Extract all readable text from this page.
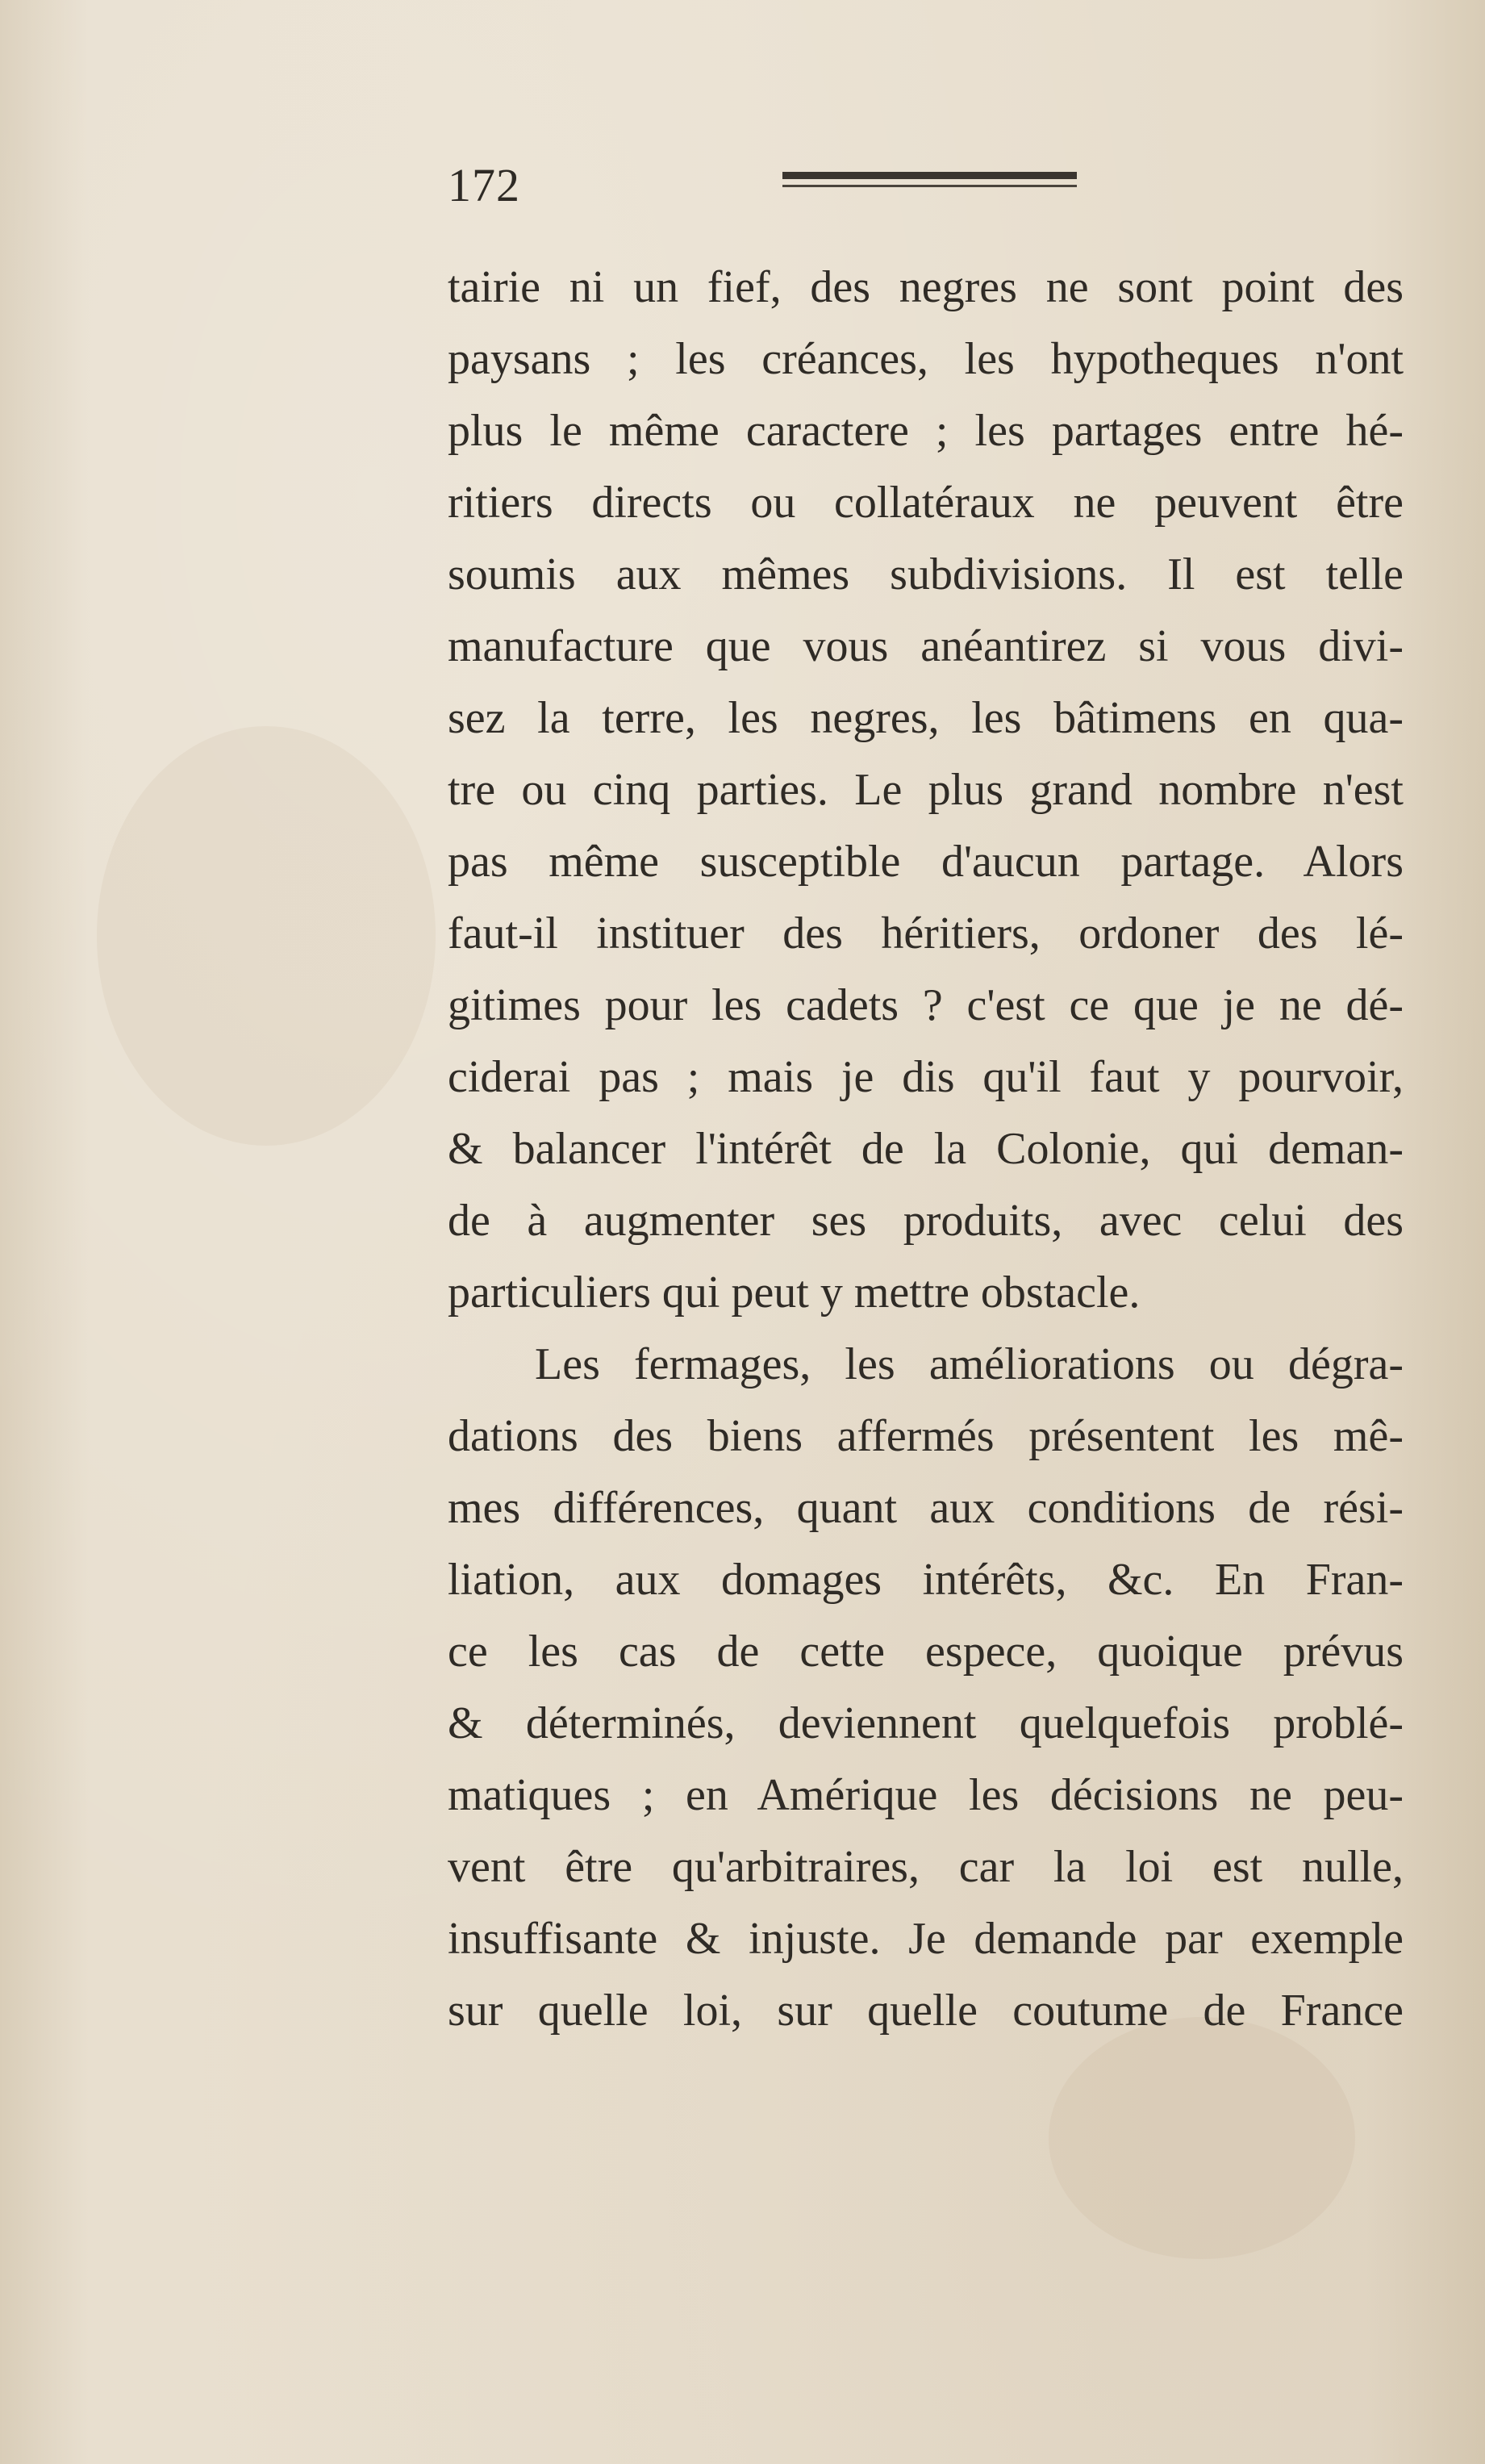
172
tairie ni un fief, des negres ne sont point des
paysans ; les créances, les hypotheques n'ont
plus le même caractere ; les partages entre hé-
ritiers directs ou collatéraux ne peuvent être
soumis aux mêmes subdivisions. Il est telle
manufacture que vous anéantirez si vous divi-
sez la terre, les negres, les bâtimens en qua-
tre ou cinq parties. Le plus grand nombre n'est
pas même susceptible d'aucun partage. Alors
faut-il instituer des héritiers, ordoner des lé-
gitimes pour les cadets ? c'est ce que je ne dé-
ciderai pas ; mais je dis qu'il faut y pourvoir,
& balancer l'intérêt de la Colonie, qui deman-
de à augmenter ses produits, avec celui des
particuliers qui peut y mettre obstacle.
Les fermages, les améliorations ou dégra-
dations des biens affermés présentent les mê-
mes différences, quant aux conditions de rési-
liation, aux domages intérêts, &c. En Fran-
ce les cas de cette espece, quoique prévus
& déterminés, deviennent quelquefois problé-
matiques ; en Amérique les décisions ne peu-
vent être qu'arbitraires, car la loi est nulle,
insuffisante & injuste. Je demande par exemple
sur quelle loi, sur quelle coutume de France
